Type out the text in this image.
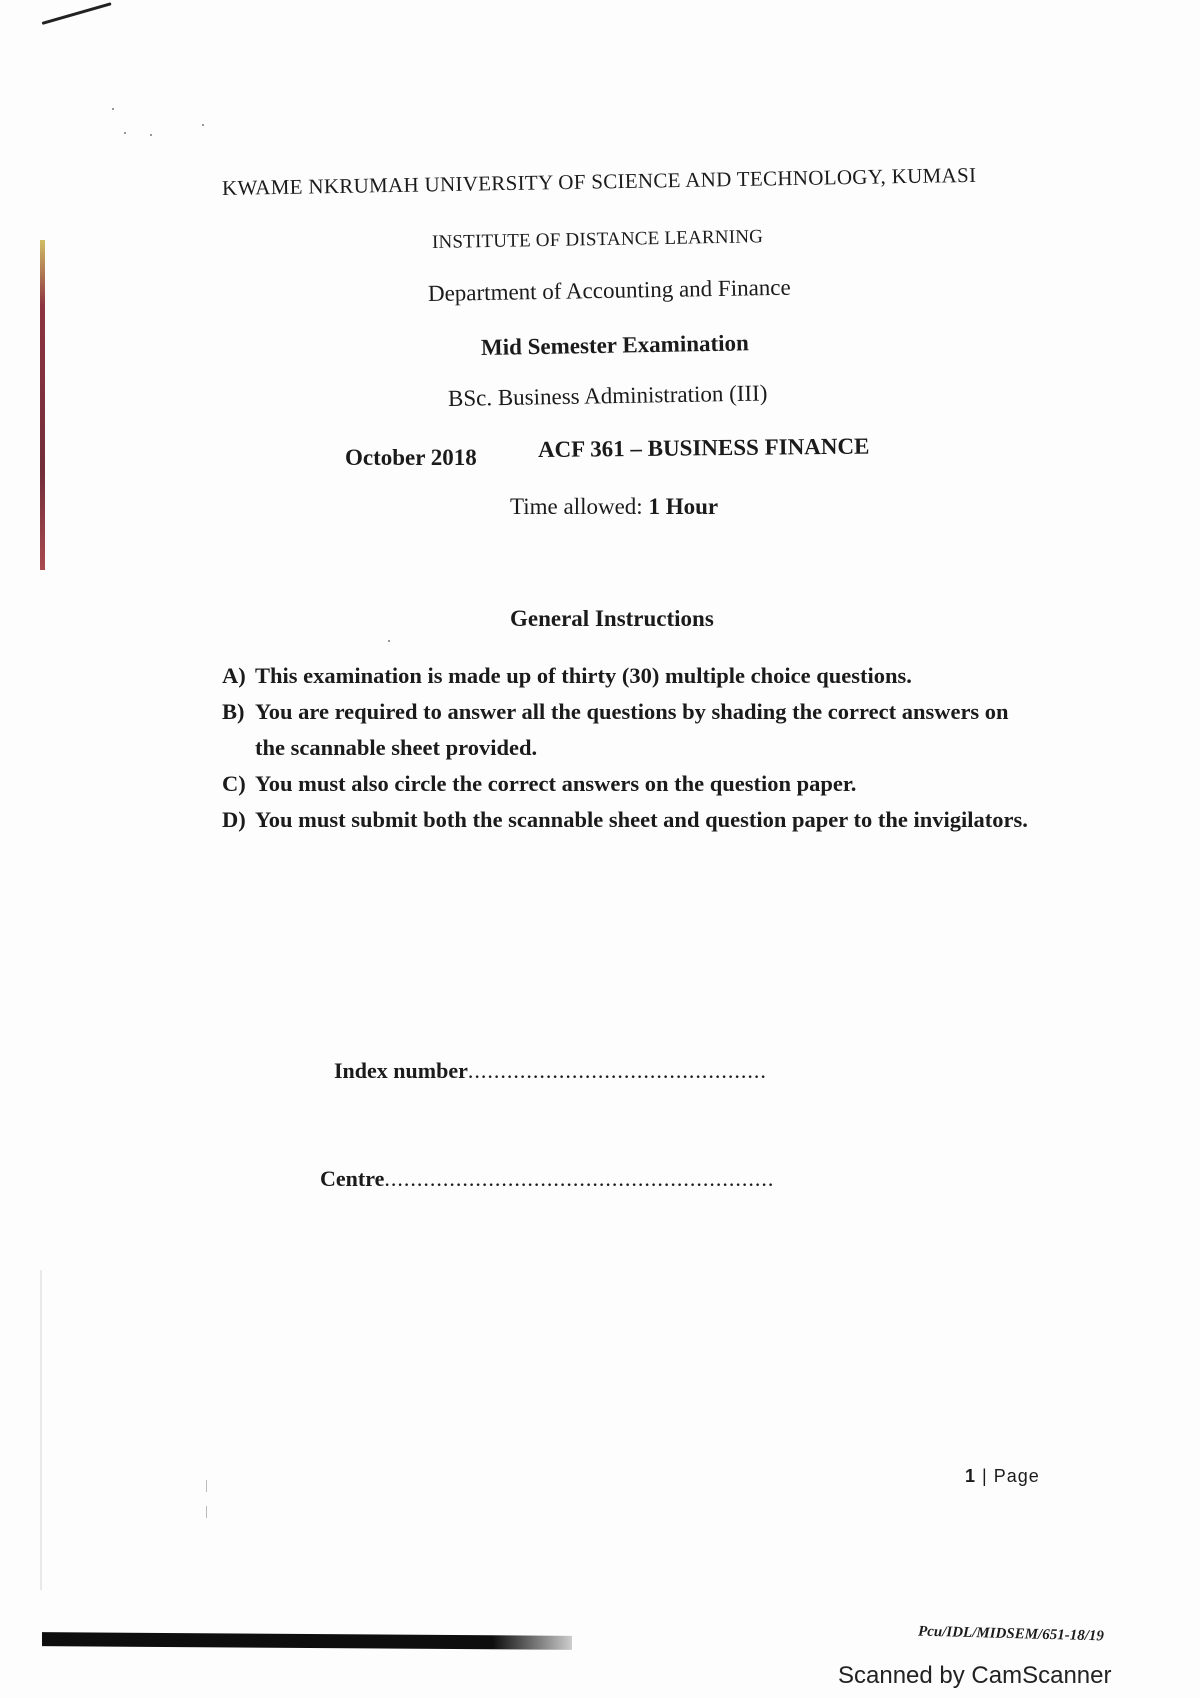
KWAME NKRUMAH UNIVERSITY OF SCIENCE AND TECHNOLOGY, KUMASI
INSTITUTE OF DISTANCE LEARNING
Department of Accounting and Finance
Mid Semester Examination
BSc. Business Administration (III)
October 2018	ACF 361 – BUSINESS FINANCE
Time allowed: 1 Hour
General Instructions
A) This examination is made up of thirty (30) multiple choice questions.
B) You are required to answer all the questions by shading the correct answers on the scannable sheet provided.
C) You must also circle the correct answers on the question paper.
D) You must submit both the scannable sheet and question paper to the invigilators.
Index number..............................................
Centre............................................................
1 | Page
Pcu/IDL/MIDSEM/651-18/19
Scanned by CamScanner
